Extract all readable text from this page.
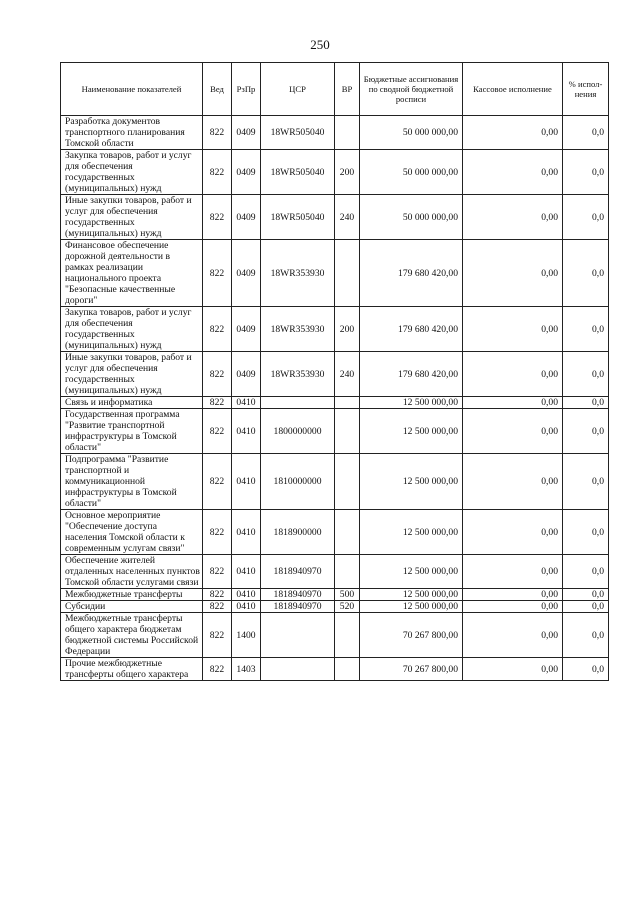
250
Наименование показателей	Вед	РзПр	ЦСР	ВР	Бюджетные ассигнования по сводной бюджетной росписи	Кассовое исполнение	% испол-нения
Разработка документов транспортного планирования Томской области	822	0409	18WR505040		50 000 000,00	0,00	0,0
Закупка товаров, работ и услуг для обеспечения государственных (муниципальных) нужд	822	0409	18WR505040	200	50 000 000,00	0,00	0,0
Иные закупки товаров, работ и услуг для обеспечения государственных (муниципальных) нужд	822	0409	18WR505040	240	50 000 000,00	0,00	0,0
Финансовое обеспечение дорожной деятельности в рамках реализации национального проекта "Безопасные качественные дороги"	822	0409	18WR353930		179 680 420,00	0,00	0,0
Закупка товаров, работ и услуг для обеспечения государственных (муниципальных) нужд	822	0409	18WR353930	200	179 680 420,00	0,00	0,0
Иные закупки товаров, работ и услуг для обеспечения государственных (муниципальных) нужд	822	0409	18WR353930	240	179 680 420,00	0,00	0,0
Связь и информатика	822	0410			12 500 000,00	0,00	0,0
Государственная программа "Развитие транспортной инфраструктуры в Томской области"	822	0410	1800000000		12 500 000,00	0,00	0,0
Подпрограмма "Развитие транспортной и коммуникационной инфраструктуры в Томской области"	822	0410	1810000000		12 500 000,00	0,00	0,0
Основное мероприятие "Обеспечение доступа населения Томской области к современным услугам связи"	822	0410	1818900000		12 500 000,00	0,00	0,0
Обеспечение жителей отдаленных населенных пунктов Томской области услугами связи	822	0410	1818940970		12 500 000,00	0,00	0,0
Межбюджетные трансферты	822	0410	1818940970	500	12 500 000,00	0,00	0,0
Субсидии	822	0410	1818940970	520	12 500 000,00	0,00	0,0
Межбюджетные трансферты общего характера бюджетам бюджетной системы Российской Федерации	822	1400			70 267 800,00	0,00	0,0
Прочие межбюджетные трансферты общего характера	822	1403			70 267 800,00	0,00	0,0
